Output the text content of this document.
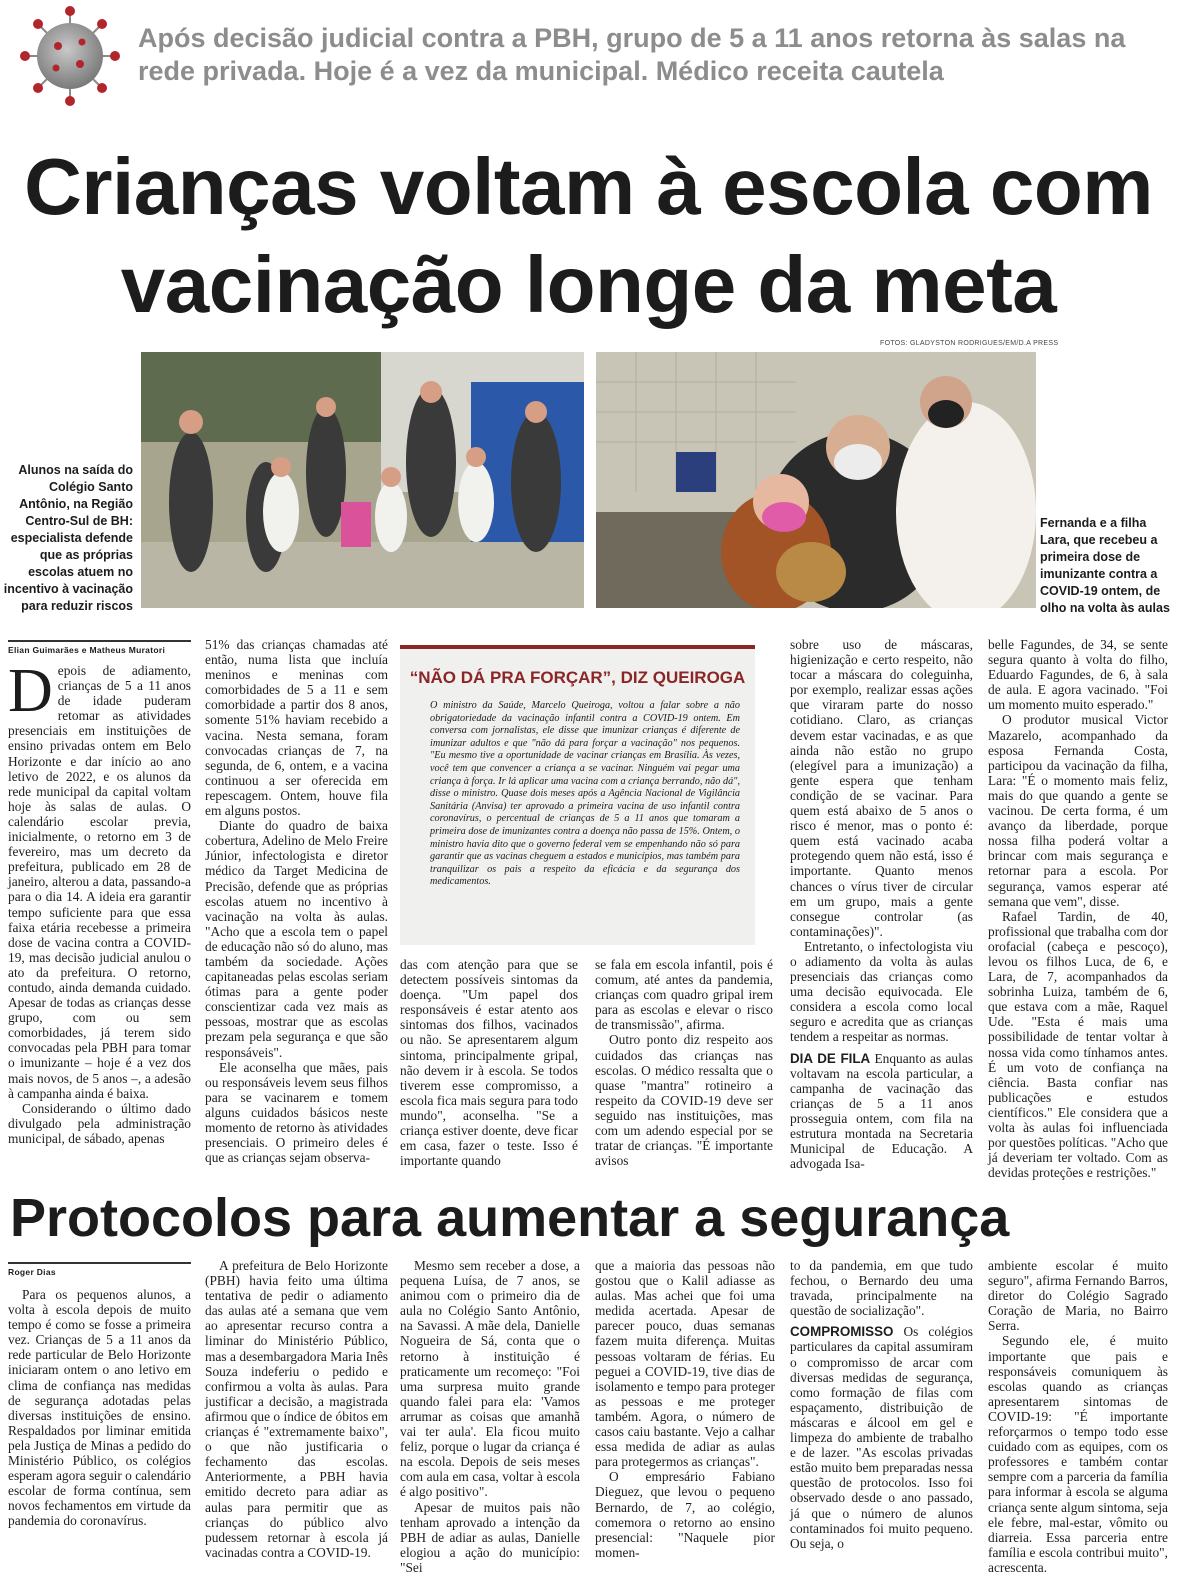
Após decisão judicial contra a PBH, grupo de 5 a 11 anos retorna às salas na rede privada. Hoje é a vez da municipal. Médico receita cautela
Crianças voltam à escola com
vacinação longe da meta
FOTOS: GLADYSTON RODRIGUES/EM/D.A PRESS
Alunos na saída do Colégio Santo Antônio, na Região Centro-Sul de BH: especialista defende que as próprias escolas atuem no incentivo à vacinação para reduzir riscos
Fernanda e a filha Lara, que recebeu a primeira dose de imunizante contra a COVID-19 ontem, de olho na volta às aulas
Elian Guimarães e Matheus Muratori

Depois de adiamento, crianças de 5 a 11 anos de idade puderam retomar as atividades presenciais em instituições de ensino privadas ontem em Belo Horizonte e dar início ao ano letivo de 2022, e os alunos da rede municipal da capital voltam hoje às salas de aulas. O calendário escolar previa, inicialmente, o retorno em 3 de fevereiro, mas um decreto da prefeitura, publicado em 28 de janeiro, alterou a data, passando-a para o dia 14. A ideia era garantir tempo suficiente para que essa faixa etária recebesse a primeira dose de vacina contra a COVID-19, mas decisão judicial anulou o ato da prefeitura. O retorno, contudo, ainda demanda cuidado. Apesar de todas as crianças desse grupo, com ou sem comorbidades, já terem sido convocadas pela PBH para tomar o imunizante – hoje é a vez dos mais novos, de 5 anos –, a adesão à campanha ainda é baixa.

Considerando o último dado divulgado pela administração municipal, de sábado, apenas

51% das crianças chamadas até então, numa lista que incluía meninos e meninas com comorbidades de 5 a 11 e sem comorbidade a partir dos 8 anos, somente 51% haviam recebido a vacina. Nesta semana, foram convocadas crianças de 7, na segunda, de 6, ontem, e a vacina continuou a ser oferecida em repescagem. Ontem, houve fila em alguns postos.

Diante do quadro de baixa cobertura, Adelino de Melo Freire Júnior, infectologista e diretor médico da Target Medicina de Precisão, defende que as próprias escolas atuem no incentivo à vacinação na volta às aulas. "Acho que a escola tem o papel de educação não só do aluno, mas também da sociedade. Ações capitaneadas pelas escolas seriam ótimas para a gente poder conscientizar cada vez mais as pessoas, mostrar que as escolas prezam pela segurança e que são responsáveis".

Ele aconselha que mães, pais ou responsáveis levem seus filhos para se vacinarem e tomem alguns cuidados básicos neste momento de retorno às atividades presenciais. O primeiro deles é que as crianças sejam observa-

“NÃO DÁ PRA FORÇAR”, DIZ QUEIROGA
O ministro da Saúde, Marcelo Queiroga, voltou a falar sobre a não obrigatoriedade da vacinação infantil contra a COVID-19 ontem. Em conversa com jornalistas, ele disse que imunizar crianças é diferente de imunizar adultos e que "não dá para forçar a vacinação" nos pequenos. "Eu mesmo tive a oportunidade de vacinar crianças em Brasília. Às vezes, você tem que convencer a criança a se vacinar. Ninguém vai pegar uma criança à força. Ir lá aplicar uma vacina com a criança berrando, não dá", disse o ministro. Quase dois meses após a Agência Nacional de Vigilância Sanitária (Anvisa) ter aprovado a primeira vacina de uso infantil contra coronavírus, o percentual de crianças de 5 a 11 anos que tomaram a primeira dose de imunizantes contra a doença não passa de 15%. Ontem, o ministro havia dito que o governo federal vem se empenhando não só para garantir que as vacinas cheguem a estados e municípios, mas também para tranquilizar os pais a respeito da eficácia e da segurança dos medicamentos.

das com atenção para que se detectem possíveis sintomas da doença. "Um papel dos responsáveis é estar atento aos sintomas dos filhos, vacinados ou não. Se apresentarem algum sintoma, principalmente gripal, não devem ir à escola. Se todos tiverem esse compromisso, a escola fica mais segura para todo mundo", aconselha. "Se a criança estiver doente, deve ficar em casa, fazer o teste. Isso é importante quando

se fala em escola infantil, pois é comum, até antes da pandemia, crianças com quadro gripal irem para as escolas e elevar o risco de transmissão", afirma.

Outro ponto diz respeito aos cuidados das crianças nas escolas. O médico ressalta que o quase "mantra" rotineiro a respeito da COVID-19 deve ser seguido nas instituições, mas com um adendo especial por se tratar de crianças. "É importante avisos

sobre uso de máscaras, higienização e certo respeito, não tocar a máscara do coleguinha, por exemplo, realizar essas ações que viraram parte do nosso cotidiano. Claro, as crianças devem estar vacinadas, e as que ainda não estão no grupo (elegível para a imunização) a gente espera que tenham condição de se vacinar. Para quem está abaixo de 5 anos o risco é menor, mas o ponto é: quem está vacinado acaba protegendo quem não está, isso é importante. Quanto menos chances o vírus tiver de circular em um grupo, mais a gente consegue controlar (as contaminações)".

Entretanto, o infectologista viu o adiamento da volta às aulas presenciais das crianças como uma decisão equivocada. Ele considera a escola como local seguro e acredita que as crianças tendem a respeitar as normas.

DIA DE FILA Enquanto as aulas voltavam na escola particular, a campanha de vacinação das crianças de 5 a 11 anos prosseguia ontem, com fila na estrutura montada na Secretaria Municipal de Educação. A advogada Isa-

belle Fagundes, de 34, se sente segura quanto à volta do filho, Eduardo Fagundes, de 6, à sala de aula. E agora vacinado. "Foi um momento muito esperado."

O produtor musical Victor Mazarelo, acompanhado da esposa Fernanda Costa, participou da vacinação da filha, Lara: "É o momento mais feliz, mais do que quando a gente se vacinou. De certa forma, é um avanço da liberdade, porque nossa filha poderá voltar a brincar com mais segurança e retornar para a escola. Por segurança, vamos esperar até semana que vem", disse.

Rafael Tardin, de 40, profissional que trabalha com dor orofacial (cabeça e pescoço), levou os filhos Luca, de 6, e Lara, de 7, acompanhados da sobrinha Luiza, também de 6, que estava com a mãe, Raquel Ude. "Esta é mais uma possibilidade de tentar voltar à nossa vida como tínhamos antes. É um voto de confiança na ciência. Basta confiar nas publicações e estudos científicos." Ele considera que a volta às aulas foi influenciada por questões políticas. "Acho que já deveriam ter voltado. Com as devidas proteções e restrições."

Protocolos para aumentar a segurança
Roger Dias

Para os pequenos alunos, a volta à escola depois de muito tempo é como se fosse a primeira vez. Crianças de 5 a 11 anos da rede particular de Belo Horizonte iniciaram ontem o ano letivo em clima de confiança nas medidas de segurança adotadas pelas diversas instituições de ensino. Respaldados por liminar emitida pela Justiça de Minas a pedido do Ministério Público, os colégios esperam agora seguir o calendário escolar de forma contínua, sem novos fechamentos em virtude da pandemia do coronavírus.

A prefeitura de Belo Horizonte (PBH) havia feito uma última tentativa de pedir o adiamento das aulas até a semana que vem ao apresentar recurso contra a liminar do Ministério Público, mas a desembargadora Maria Inês Souza indeferiu o pedido e confirmou a volta às aulas. Para justificar a decisão, a magistrada afirmou que o índice de óbitos em crianças é "extremamente baixo", o que não justificaria o fechamento das escolas. Anteriormente, a PBH havia emitido decreto para adiar as aulas para permitir que as crianças do público alvo pudessem retornar à escola já vacinadas contra a COVID-19.

Mesmo sem receber a dose, a pequena Luísa, de 7 anos, se animou com o primeiro dia de aula no Colégio Santo Antônio, na Savassi. A mãe dela, Danielle Nogueira de Sá, conta que o retorno à instituição é praticamente um recomeço: "Foi uma surpresa muito grande quando falei para ela: 'Vamos arrumar as coisas que amanhã vai ter aula'. Ela ficou muito feliz, porque o lugar da criança é na escola. Depois de seis meses com aula em casa, voltar à escola é algo positivo".

Apesar de muitos pais não tenham aprovado a intenção da PBH de adiar as aulas, Danielle elogiou a ação do município: "Sei

que a maioria das pessoas não gostou que o Kalil adiasse as aulas. Mas achei que foi uma medida acertada. Apesar de parecer pouco, duas semanas fazem muita diferença. Muitas pessoas voltaram de férias. Eu peguei a COVID-19, tive dias de isolamento e tempo para proteger as pessoas e me proteger também. Agora, o número de casos caiu bastante. Vejo a calhar essa medida de adiar as aulas para protegermos as crianças".

O empresário Fabiano Dieguez, que levou o pequeno Bernardo, de 7, ao colégio, comemora o retorno ao ensino presencial: "Naquele pior momen-

to da pandemia, em que tudo fechou, o Bernardo deu uma travada, principalmente na questão de socialização".

COMPROMISSO Os colégios particulares da capital assumiram o compromisso de arcar com diversas medidas de segurança, como formação de filas com espaçamento, distribuição de máscaras e álcool em gel e limpeza do ambiente de trabalho e de lazer. "As escolas privadas estão muito bem preparadas nessa questão de protocolos. Isso foi observado desde o ano passado, já que o número de alunos contaminados foi muito pequeno. Ou seja, o

ambiente escolar é muito seguro", afirma Fernando Barros, diretor do Colégio Sagrado Coração de Maria, no Bairro Serra.

Segundo ele, é muito importante que pais e responsáveis comuniquem às escolas quando as crianças apresentarem sintomas de COVID-19: "É importante reforçarmos o tempo todo esse cuidado com as equipes, com os professores e também contar sempre com a parceria da família para informar à escola se alguma criança sente algum sintoma, seja ele febre, mal-estar, vômito ou diarreia. Essa parceria entre família e escola contribui muito", acrescenta.
